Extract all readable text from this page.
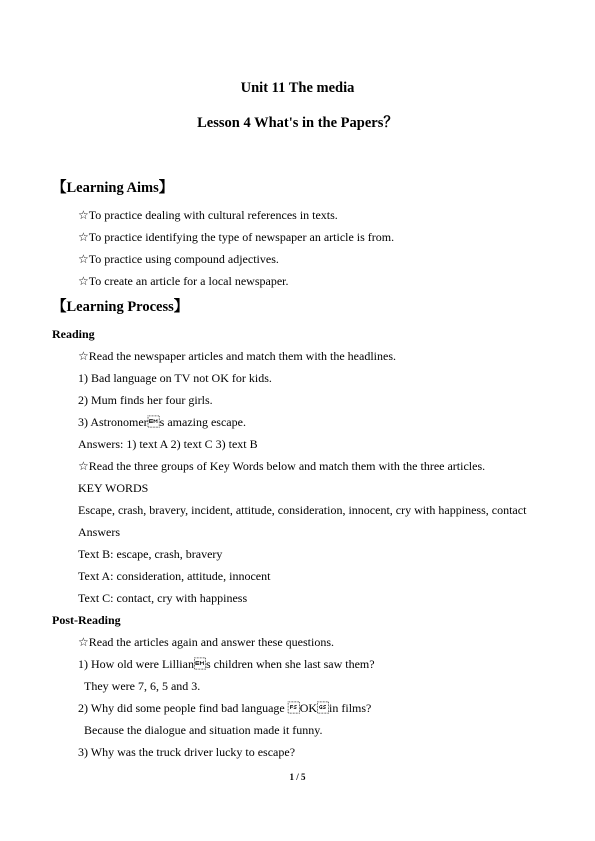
Unit 11 The media
Lesson 4 What's in the Papers？
【Learning Aims】
☆To practice dealing with cultural references in texts.
☆To practice identifying the type of newspaper an article is from.
☆To practice using compound adjectives.
☆To create an article for a local newspaper.
【Learning Process】
Reading
☆Read the newspaper articles and match them with the headlines.
1) Bad language on TV not OK for kids.
2) Mum finds her four girls.
3) Astronomers amazing escape.
Answers: 1) text A 2) text C 3) text B
☆Read the three groups of Key Words below and match them with the three articles.
KEY WORDS
Escape, crash, bravery, incident, attitude, consideration, innocent, cry with happiness, contact
Answers
Text B: escape, crash, bravery
Text A: consideration, attitude, innocent
Text C: contact, cry with happiness
Post-Reading
☆Read the articles again and answer these questions.
1) How old were Lillians children when she last saw them?
They were 7, 6, 5 and 3.
2) Why did some people find bad language OKin films?
Because the dialogue and situation made it funny.
3) Why was the truck driver lucky to escape?
1 / 5
